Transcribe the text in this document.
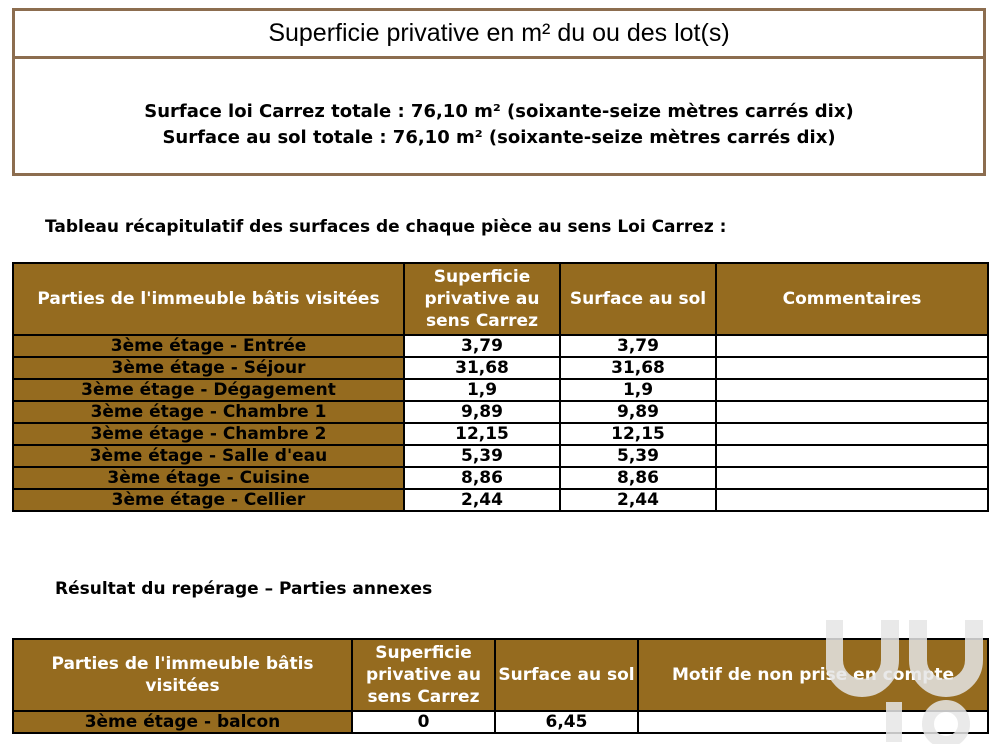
Superficie privative en m² du ou des lot(s)
Surface loi Carrez totale : 76,10 m² (soixante-seize mètres carrés dix)
Surface au sol totale : 76,10 m² (soixante-seize mètres carrés dix)
Tableau récapitulatif des surfaces de chaque pièce au sens Loi Carrez :
Parties de l'immeuble bâtis visitées	Superficie privative au sens Carrez	Surface au sol	Commentaires
3ème étage - Entrée	3,79	3,79	
3ème étage - Séjour	31,68	31,68	
3ème étage - Dégagement	1,9	1,9	
3ème étage - Chambre 1	9,89	9,89	
3ème étage - Chambre 2	12,15	12,15	
3ème étage - Salle d'eau	5,39	5,39	
3ème étage - Cuisine	8,86	8,86	
3ème étage - Cellier	2,44	2,44	
Résultat du repérage – Parties annexes
Parties de l'immeuble bâtis visitées	Superficie privative au sens Carrez	Surface au sol	Motif de non prise en compte
3ème étage - balcon	0	6,45	
